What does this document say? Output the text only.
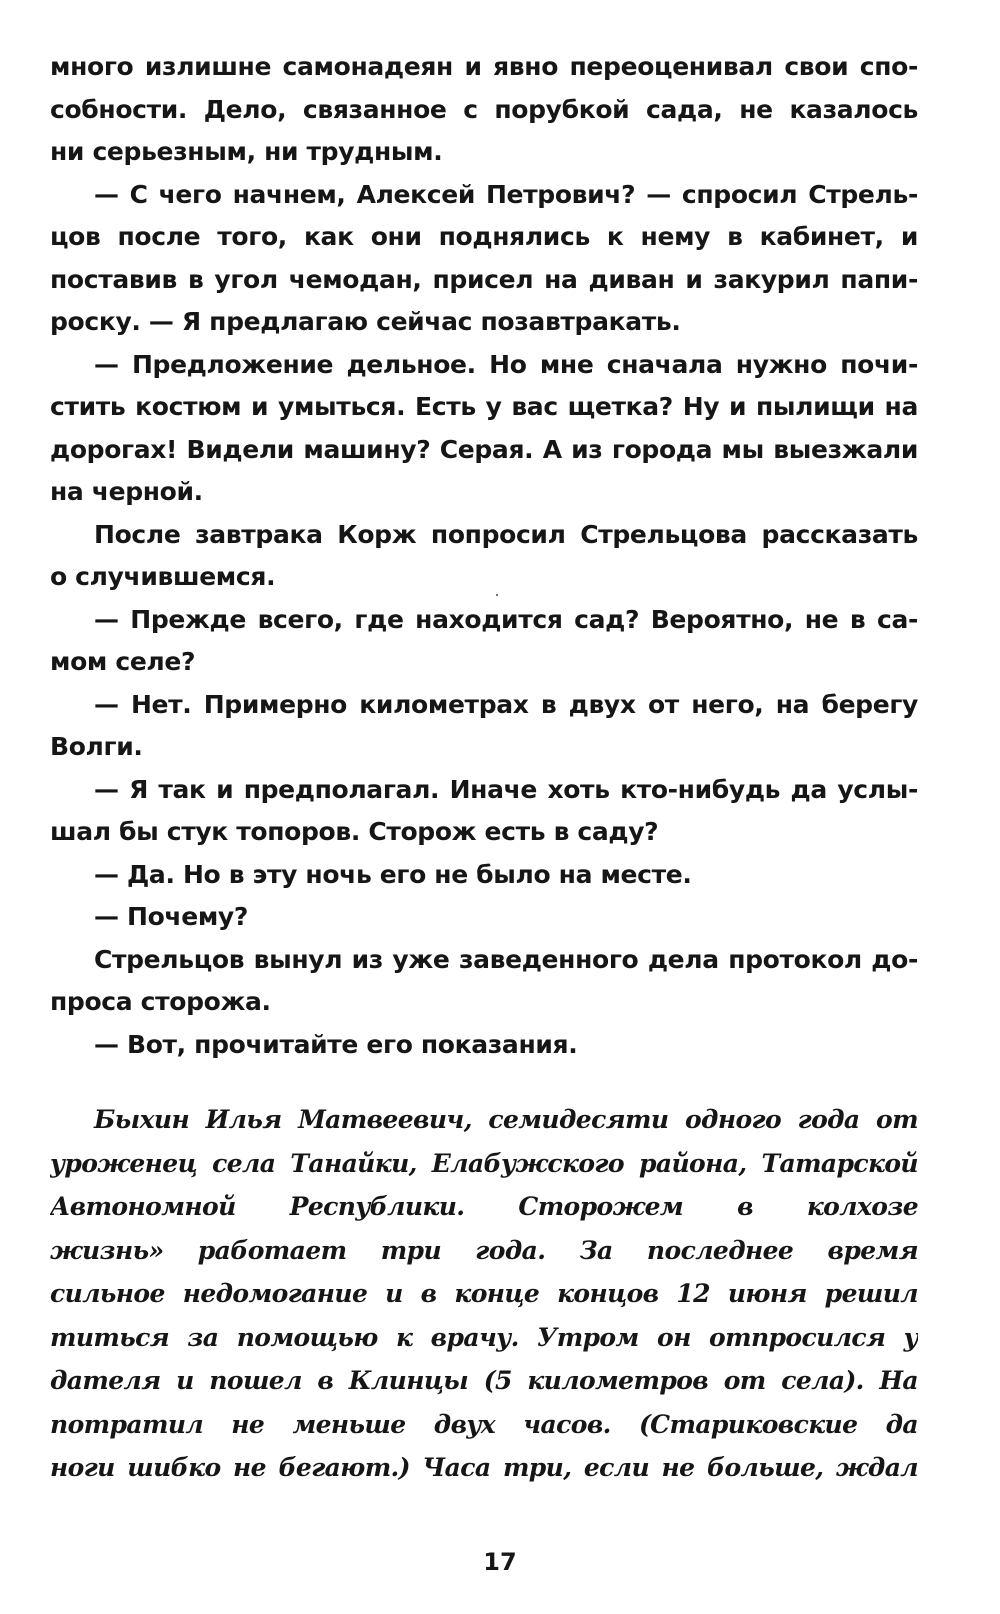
много излишне самонадеян и явно переоценивал свои спо-
собности. Дело, связанное с порубкой сада, не казалось
ни серьезным, ни трудным.
— С чего начнем, Алексей Петрович? — спросил Стрель-
цов после того, как они поднялись к нему в кабинет, и
поставив в угол чемодан, присел на диван и закурил папи-
роску. — Я предлагаю сейчас позавтракать.
— Предложение дельное. Но мне сначала нужно почи-
стить костюм и умыться. Есть у вас щетка? Ну и пылищи на
дорогах! Видели машину? Серая. А из города мы выезжали
на черной.
После завтрака Корж попросил Стрельцова рассказать
о случившемся.
— Прежде всего, где находится сад? Вероятно, не в са-
мом селе?
— Нет. Примерно километрах в двух от него, на берегу
Волги.
— Я так и предполагал. Иначе хоть кто-нибудь да услы-
шал бы стук топоров. Сторож есть в саду?
— Да. Но в эту ночь его не было на месте.
— Почему?
Стрельцов вынул из уже заведенного дела протокол до-
проса сторожа.
— Вот, прочитайте его показания.
Быхин Илья Матвеевич, семидесяти одного года от
уроженец села Танайки, Елабужского района, Татарской
Автономной Республики. Сторожем в колхозе
жизнь» работает три года. За последнее время
сильное недомогание и в конце концов 12 июня решил
титься за помощью к врачу. Утром он отпросился у
дателя и пошел в Клинцы (5 километров от села). На
потратил не меньше двух часов. (Стариковские да
ноги шибко не бегают.) Часа три, если не больше, ждал
17
